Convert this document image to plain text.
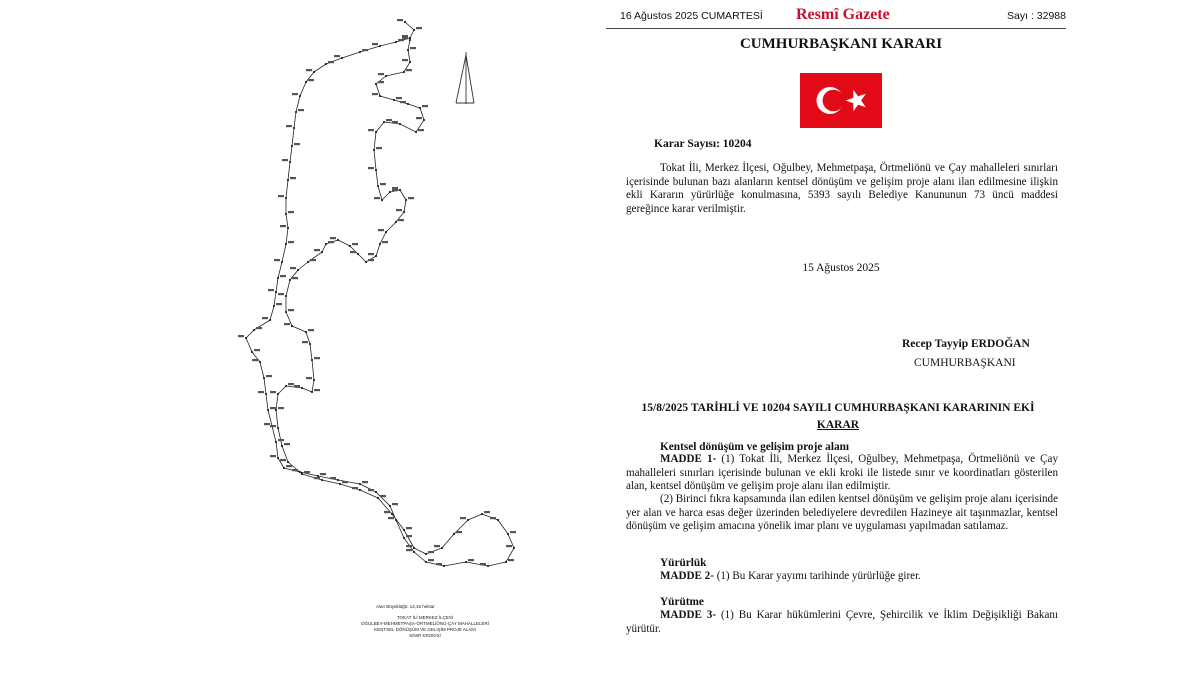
Alan Büyüklüğü: 14,15 hektar
TOKAT İLİ MERKEZ İLÇESİ
OĞULBEY-MEHMETPAŞA-ÖRTMELİÖNÜ-ÇAY MAHALLELERİ
KENTSEL DÖNÜŞÜM VE GELİŞİM PROJE ALANI
SINIR KROKİSİ
16 Ağustos 2025 CUMARTESİ Resmî Gazete	Sayı : 32988
CUMHURBAŞKANI KARARI
Karar Sayısı: 10204

Tokat İli, Merkez İlçesi, Oğulbey, Mehmetpaşa, Örtmeliönü ve Çay mahalleleri sınırları içerisinde bulunan bazı alanların kentsel dönüşüm ve gelişim proje alanı ilan edilmesine ilişkin ekli Kararın yürürlüğe konulmasına, 5393 sayılı Belediye Kanununun 73 üncü maddesi gereğince karar verilmiştir.

15 Ağustos 2025
Recep Tayyip ERDOĞAN
CUMHURBAŞKANI
15/8/2025 TARİHLİ VE 10204 SAYILI CUMHURBAŞKANI KARARININ EKİ
KARAR
Kentsel dönüşüm ve gelişim proje alanı

MADDE 1- (1) Tokat İli, Merkez İlçesi, Oğulbey, Mehmetpaşa, Örtmeliönü ve Çay mahalleleri sınırları içerisinde bulunan ve ekli kroki ile listede sınır ve koordinatları gösterilen alan, kentsel dönüşüm ve gelişim proje alanı ilan edilmiştir.

(2) Birinci fıkra kapsamında ilan edilen kentsel dönüşüm ve gelişim proje alanı içerisinde yer alan ve harca esas değer üzerinden belediyelere devredilen Hazineye ait taşınmazlar, kentsel dönüşüm ve gelişim amacına yönelik imar planı ve uygulaması yapılmadan satılamaz.

Yürürlük

MADDE 2- (1) Bu Karar yayımı tarihinde yürürlüğe girer.

Yürütme

MADDE 3- (1) Bu Karar hükümlerini Çevre, Şehircilik ve İklim Değişikliği Bakanı yürütür.
